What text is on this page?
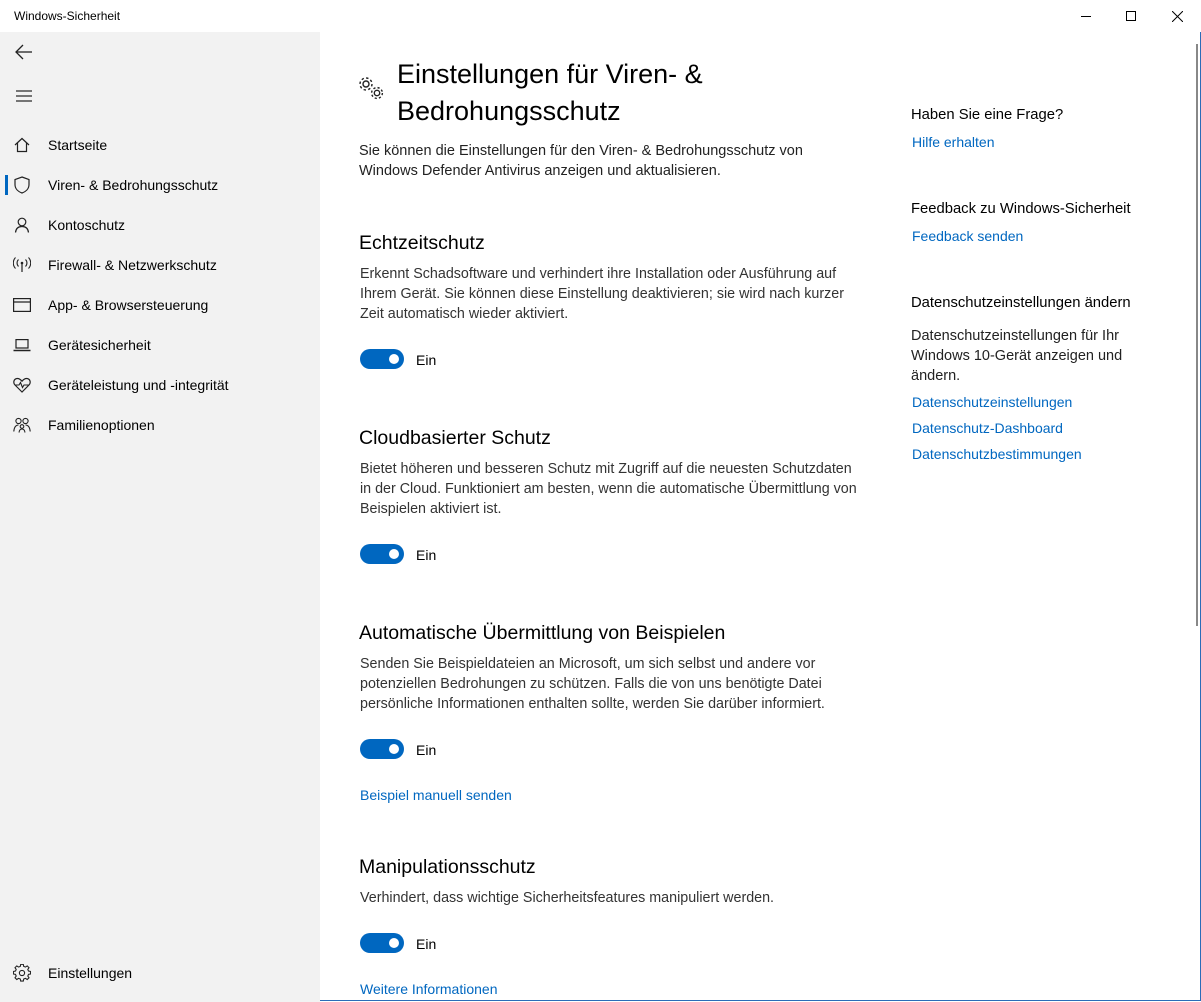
Windows-Sicherheit
Startseite
Viren- & Bedrohungsschutz
Kontoschutz
Firewall- & Netzwerkschutz
App- & Browsersteuerung
Gerätesicherheit
Geräteleistung und -integrität
Familienoptionen
Einstellungen
Einstellungen für Viren- & Bedrohungsschutz
Sie können die Einstellungen für den Viren- & Bedrohungsschutz von Windows Defender Antivirus anzeigen und aktualisieren.
Echtzeitschutz
Erkennt Schadsoftware und verhindert ihre Installation oder Ausführung auf Ihrem Gerät. Sie können diese Einstellung deaktivieren; sie wird nach kurzer Zeit automatisch wieder aktiviert.
Ein
Cloudbasierter Schutz
Bietet höheren und besseren Schutz mit Zugriff auf die neuesten Schutzdaten in der Cloud. Funktioniert am besten, wenn die automatische Übermittlung von Beispielen aktiviert ist.
Ein
Automatische Übermittlung von Beispielen
Senden Sie Beispieldateien an Microsoft, um sich selbst und andere vor potenziellen Bedrohungen zu schützen. Falls die von uns benötigte Datei persönliche Informationen enthalten sollte, werden Sie darüber informiert.
Ein
Beispiel manuell senden
Manipulationsschutz
Verhindert, dass wichtige Sicherheitsfeatures manipuliert werden.
Ein
Weitere Informationen
Haben Sie eine Frage?
Hilfe erhalten
Feedback zu Windows-Sicherheit
Feedback senden
Datenschutzeinstellungen ändern
Datenschutzeinstellungen für Ihr Windows 10-Gerät anzeigen und ändern.
Datenschutzeinstellungen
Datenschutz-Dashboard
Datenschutzbestimmungen
